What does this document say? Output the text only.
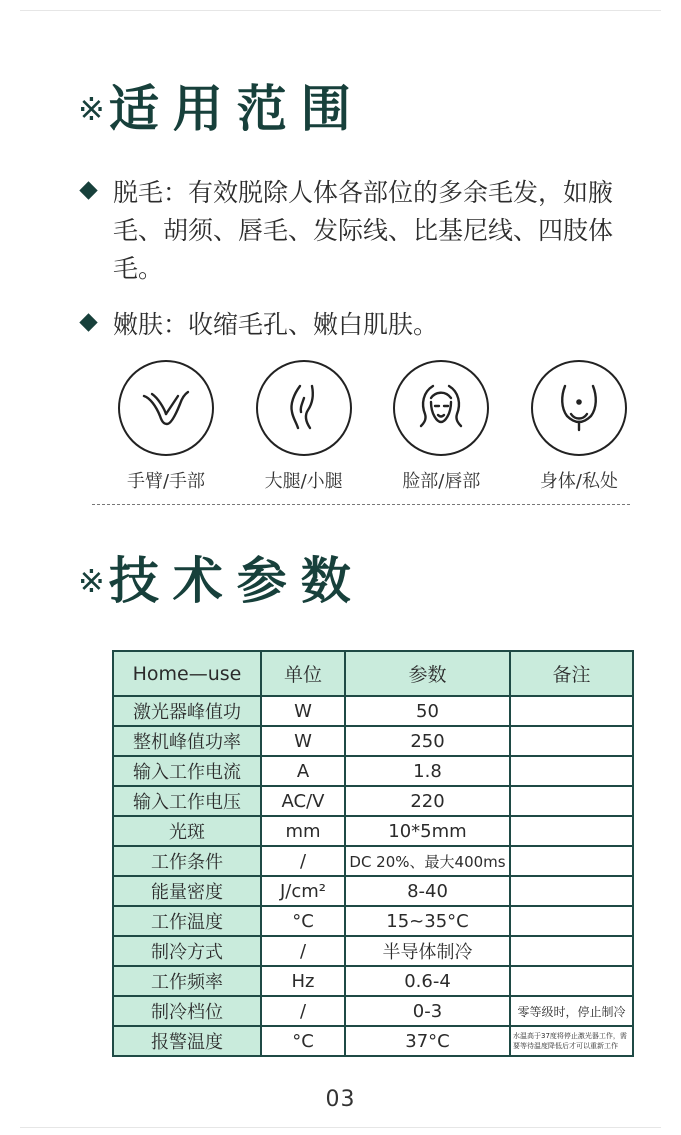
※ 适用范围
脱毛：有效脱除人体各部位的多余毛发，如腋毛、胡须、唇毛、发际线、比基尼线、四肢体毛。
嫩肤：收缩毛孔、嫩白肌肤。
手臂/手部	大腿/小腿	脸部/唇部	身体/私处
※ 技术参数
Home—use	单位	参数	备注
激光器峰值功	W	50	
整机峰值功率	W	250	
输入工作电流	A	1.8	
输入工作电压	AC/V	220	
光斑	mm	10*5mm	
工作条件	/	DC 20%、最大400ms	
能量密度	J/cm²	8-40	
工作温度	°C	15~35°C	
制冷方式	/	半导体制冷	
工作频率	Hz	0.6-4	
制冷档位	/	0-3	零等级时，停止制冷
报警温度	°C	37°C	水温高于37度将停止激光器工作，需要等待温度降低后才可以重新工作
03
